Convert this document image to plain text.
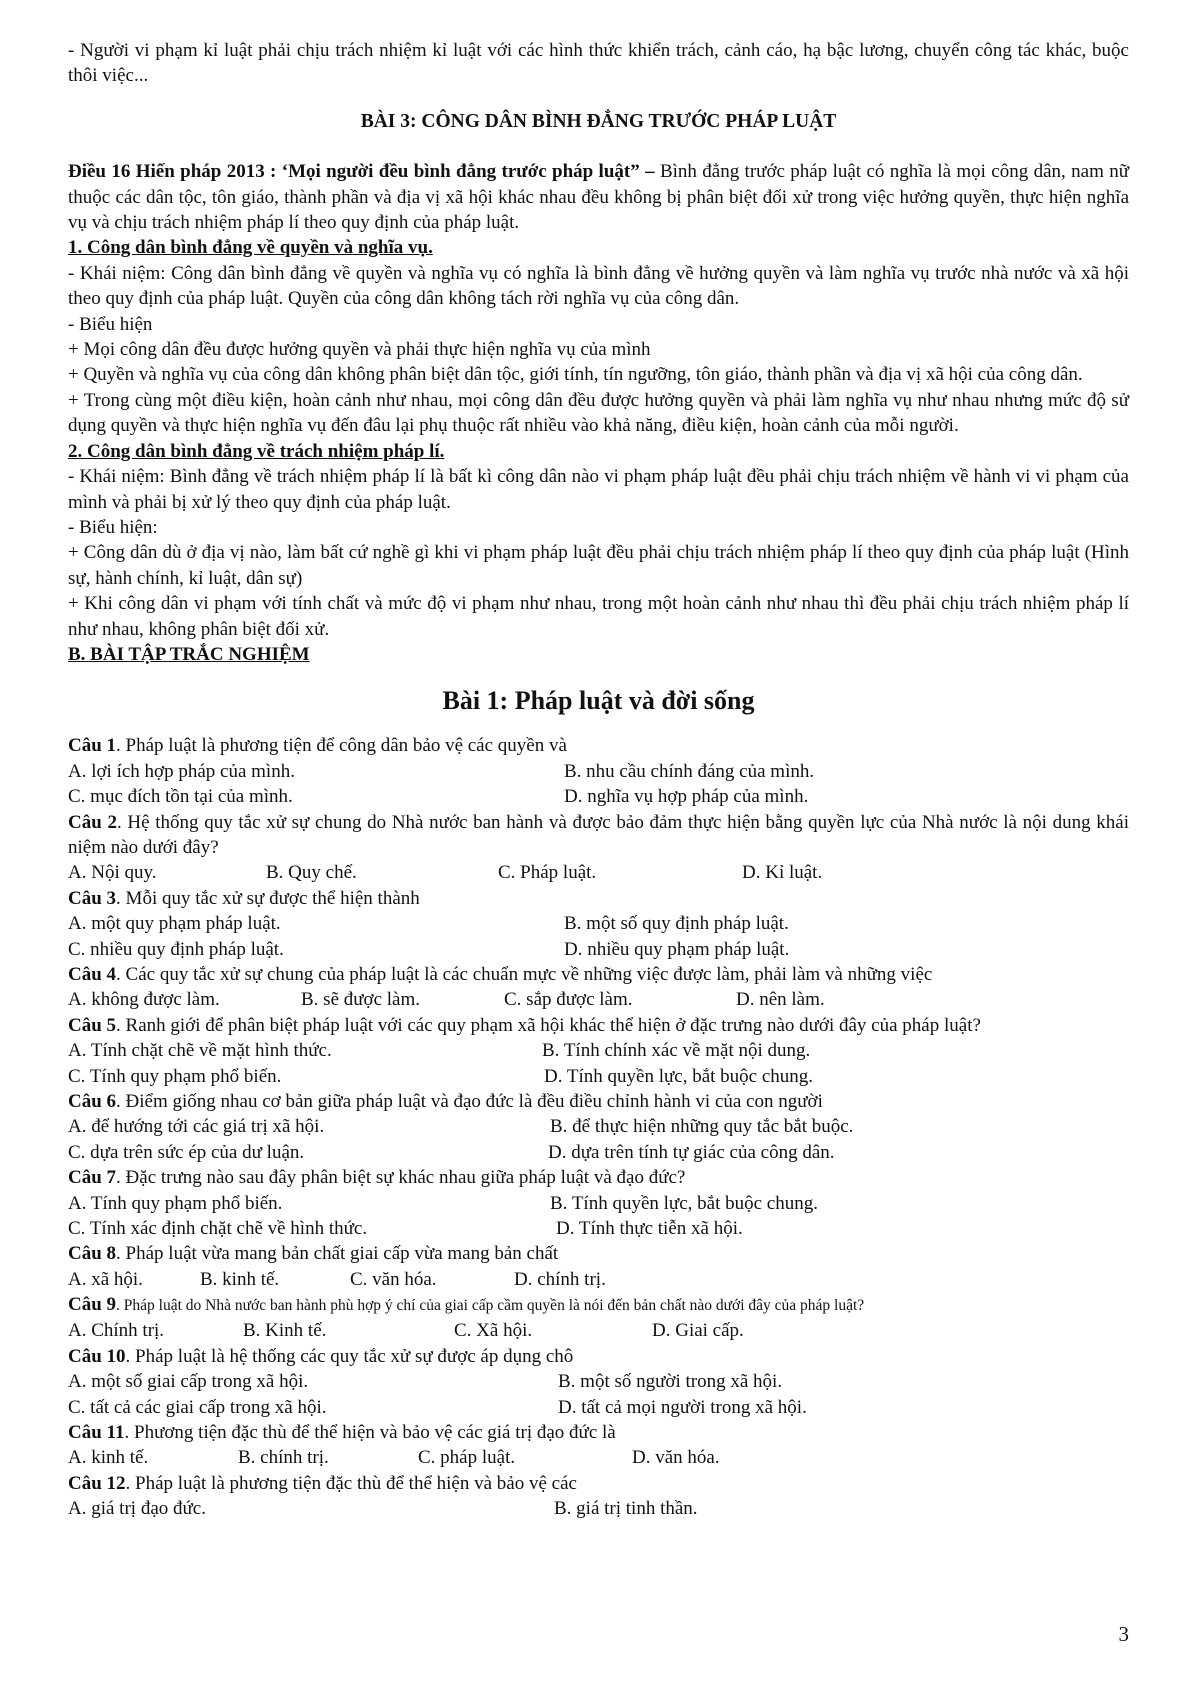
- Người vi phạm kỉ luật phải chịu trách nhiệm kỉ luật với các hình thức khiển trách, cảnh cáo, hạ bậc lương, chuyển công tác khác, buộc thôi việc...

BÀI 3: CÔNG DÂN BÌNH ĐẲNG TRƯỚC PHÁP LUẬT

Điều 16 Hiến pháp 2013 : ‘Mọi người đều bình đẳng trước pháp luật” – Bình đẳng trước pháp luật có nghĩa là mọi công dân, nam nữ thuộc các dân tộc, tôn giáo, thành phần và địa vị xã hội khác nhau đều không bị phân biệt đối xử trong việc hưởng quyền, thực hiện nghĩa vụ và chịu trách nhiệm pháp lí theo quy định của pháp luật.

1. Công dân bình đẳng về quyền và nghĩa vụ.

- Khái niệm: Công dân bình đẳng về quyền và nghĩa vụ có nghĩa là bình đẳng về hưởng quyền và làm nghĩa vụ trước nhà nước và xã hội theo quy định của pháp luật. Quyền của công dân không tách rời nghĩa vụ của công dân.

- Biểu hiện

+ Mọi công dân đều được hưởng quyền và phải thực hiện nghĩa vụ của mình

+ Quyền và nghĩa vụ của công dân không phân biệt dân tộc, giới tính, tín ngưỡng, tôn giáo, thành phần và địa vị xã hội của công dân.

+ Trong cùng một điều kiện, hoàn cảnh như nhau, mọi công dân đều được hưởng quyền và phải làm nghĩa vụ như nhau nhưng mức độ sử dụng quyền và thực hiện nghĩa vụ đến đâu lại phụ thuộc rất nhiều vào khả năng, điều kiện, hoàn cảnh của mỗi người.

2. Công dân bình đẳng về trách nhiệm pháp lí.

- Khái niệm: Bình đẳng về trách nhiệm pháp lí là bất kì công dân nào vi phạm pháp luật đều phải chịu trách nhiệm về hành vi vi phạm của mình và phải bị xử lý theo quy định của pháp luật.

- Biểu hiện:

+ Công dân dù ở địa vị nào, làm bất cứ nghề gì khi vi phạm pháp luật đều phải chịu trách nhiệm pháp lí theo quy định của pháp luật (Hình sự, hành chính, kỉ luật, dân sự)

+ Khi công dân vi phạm với tính chất và mức độ vi phạm như nhau, trong một hoàn cảnh như nhau thì đều phải chịu trách nhiệm pháp lí như nhau, không phân biệt đối xử.

B. BÀI TẬP TRẮC NGHIỆM

Bài 1: Pháp luật và đời sống

Câu 1. Pháp luật là phương tiện để công dân bảo vệ các quyền và

A. lợi ích hợp pháp của mình.	B. nhu cầu chính đáng của mình.
C. mục đích tồn tại của mình.	D. nghĩa vụ hợp pháp của mình.

Câu 2. Hệ thống quy tắc xử sự chung do Nhà nước ban hành và được bảo đảm thực hiện bằng quyền lực của Nhà nước là nội dung khái niệm nào dưới đây?

A. Nội quy.	B. Quy chế.	C. Pháp luật.	D. Kỉ luật.

Câu 3. Mỗi quy tắc xử sự được thể hiện thành

A. một quy phạm pháp luật.	B. một số quy định pháp luật.
C. nhiều quy định pháp luật.	D. nhiều quy phạm pháp luật.

Câu 4. Các quy tắc xử sự chung của pháp luật là các chuẩn mực về những việc được làm, phải làm và những việc

A. không được làm.	B. sẽ được làm.	C. sắp được làm.	D. nên làm.

Câu 5. Ranh giới để phân biệt pháp luật với các quy phạm xã hội khác thể hiện ở đặc trưng nào dưới đây của pháp luật?

A. Tính chặt chẽ về mặt hình thức.	B. Tính chính xác về mặt nội dung.
C. Tính quy phạm phổ biến.	D. Tính quyền lực, bắt buộc chung.

Câu 6. Điểm giống nhau cơ bản giữa pháp luật và đạo đức là đều điều chỉnh hành vi của con người

A. để hướng tới các giá trị xã hội.	B. để thực hiện những quy tắc bắt buộc.
C. dựa trên sức ép của dư luận.	D. dựa trên tính tự giác của công dân.

Câu 7. Đặc trưng nào sau đây phân biệt sự khác nhau giữa pháp luật và đạo đức?

A. Tính quy phạm phổ biến.	B. Tính quyền lực, bắt buộc chung.
C. Tính xác định chặt chẽ về hình thức.	D. Tính thực tiễn xã hội.

Câu 8. Pháp luật vừa mang bản chất giai cấp vừa mang bản chất

A. xã hội.	B. kinh tế.	C. văn hóa.	D. chính trị.

Câu 9. Pháp luật do Nhà nước ban hành phù hợp ý chí của giai cấp cầm quyền là nói đến bản chất nào dưới đây của pháp luật?

A. Chính trị.	B. Kinh tế.	C. Xã hội.	D. Giai cấp.

Câu 10. Pháp luật là hệ thống các quy tắc xử sự được áp dụng chô

A. một số giai cấp trong xã hội.	B. một số người trong xã hội.
C. tất cả các giai cấp trong xã hội.	D. tất cả mọi người trong xã hội.

Câu 11. Phương tiện đặc thù để thể hiện và bảo vệ các giá trị đạo đức là

A. kinh tế.	B. chính trị.	C. pháp luật.	D. văn hóa.

Câu 12. Pháp luật là phương tiện đặc thù để thể hiện và bảo vệ các

A. giá trị đạo đức.	B. giá trị tinh thần.
3
